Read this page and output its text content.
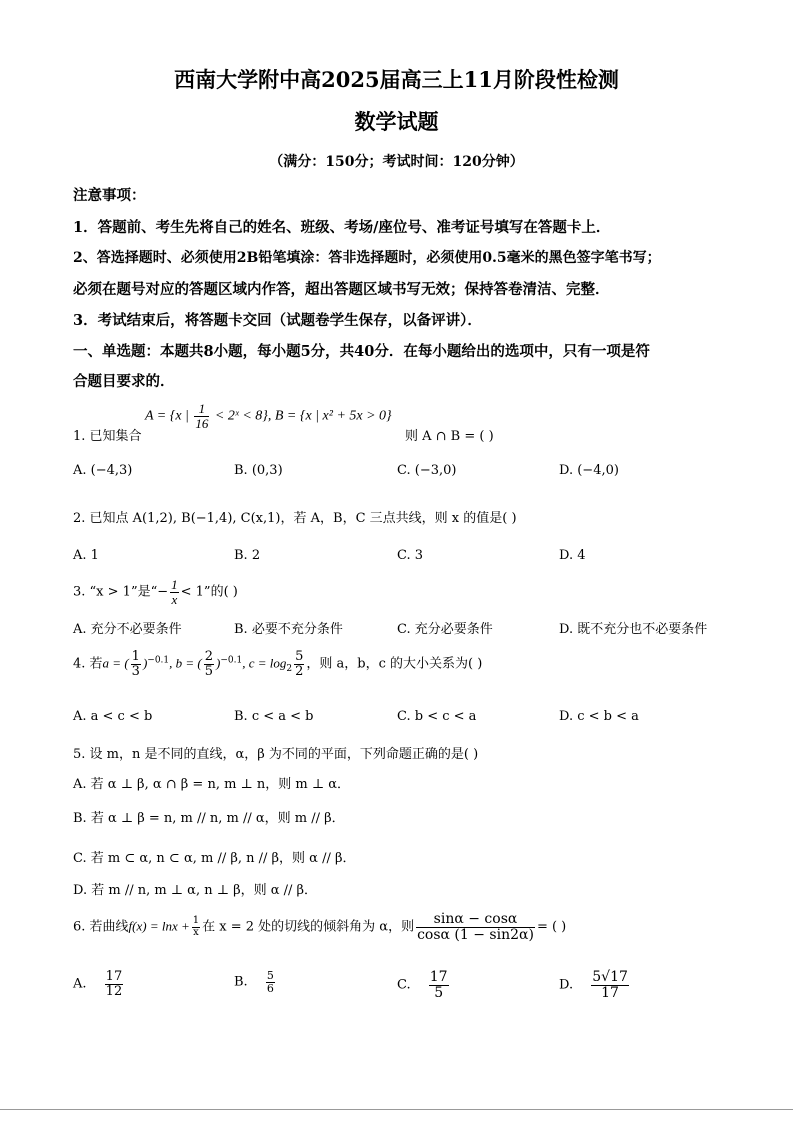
西南大学附中高2025届高三上11月阶段性检测
数学试题
（满分：150分；考试时间：120分钟）
注意事项：
1．答题前、考生先将自己的姓名、班级、考场/座位号、准考证号填写在答题卡上．
2、答选择题时、必须使用2B铅笔填涂：答非选择题时，必须使用0.5毫米的黑色签字笔书写；
必须在题号对应的答题区域内作答，超出答题区域书写无效；保持答卷清洁、完整．
3．考试结束后，将答题卡交回（试题卷学生保存，以备评讲）．
一、单选题：本题共8小题，每小题5分，共40分．在每小题给出的选项中，只有一项是符
合题目要求的．
1. 已知集合
A = {x | $\frac{1}{16}$ < 2ˣ < 8}, B = {x | x² + 5x > 0}
则 A ∩ B = ( )
A. (−4,3)	B. (0,3)	C. (−3,0)	D. (−4,0)
2. 已知点 A(1,2), B(−1,4), C(x,1)，若 A，B，C 三点共线，则 x 的值是( )
A. 1	B. 2	C. 3	D. 4
3. “x > 1”是“− $\frac{1}{x} < 1$”的( )
A. 充分不必要条件	B. 必要不充分条件	C. 充分必要条件	D. 既不充分也不必要条件
4. 若a = ( $\frac{1}{3} )^{-0.1}$, b = ( $\frac{2}{5} )^{-0.1}$, $c = \log_2 \frac{5}{2}$ ，则 a，b，c 的大小关系为( )
A. a < c < b	B. c < a < b	C. b < c < a	D. c < b < a
5. 设 m，n 是不同的直线，α，β 为不同的平面，下列命题正确的是( )
A. 若 α ⊥ β, α ∩ β = n, m ⊥ n，则 m ⊥ α．
B. 若 α ⊥ β = n, m // n, m // α，则 m // β．
C. 若 m ⊂ α, n ⊂ α, m // β, n // β，则 α // β．
D. 若 m // n, m ⊥ α, n ⊥ β，则 α // β．
6. 若曲线$f(x) = \ln x + \frac{1}{x}$ 在 x = 2 处的切线的倾斜角为 α，则 $\frac{\sin\alpha - \cos\alpha}{\cos\alpha (1 - \sin 2\alpha)}$ = ( )
A. $\frac{17}{12}$	B. $\frac{5}{6}$	C. $\frac{17}{5}$	D. $\frac{5√17}{17}$
